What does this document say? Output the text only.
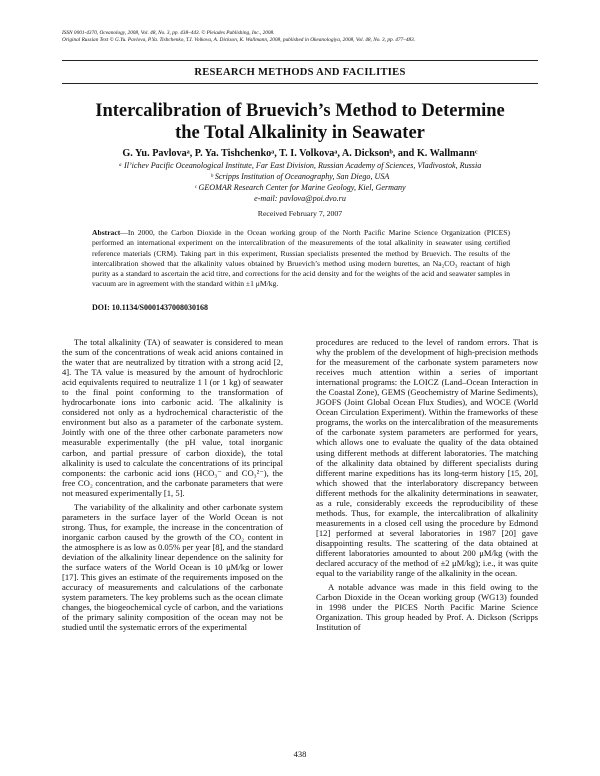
ISSN 0001-4370, Oceanology, 2008, Vol. 48, No. 3, pp. 438–443. © Pleiades Publishing, Inc., 2008.
Original Russian Text © G.Yu. Pavlova, P.Ya. Tishchenko, T.I. Volkova, A. Dickson, K. Wallmann, 2008, published in Okeanologiya, 2008, Vol. 48, No. 3, pp. 477–483.
RESEARCH METHODS AND FACILITIES
Intercalibration of Bruevich’s Method to Determine
the Total Alkalinity in Seawater
G. Yu. Pavlovaᵃ, P. Ya. Tishchenkoᵃ, T. I. Volkovaᵃ, A. Dicksonᵇ, and K. Wallmannᶜ
ᵃ Il’ichev Pacific Oceanological Institute, Far East Division, Russian Academy of Sciences, Vladivostok, Russia
ᵇ Scripps Institution of Oceanography, San Diego, USA
ᶜ GEOMAR Research Center for Marine Geology, Kiel, Germany
e-mail: pavlova@poi.dvo.ru
Received February 7, 2007
Abstract—In 2000, the Carbon Dioxide in the Ocean working group of the North Pacific Marine Science Organization (PICES) performed an international experiment on the intercalibration of the measurements of the total alkalinity in seawater using certified reference materials (CRM). Taking part in this experiment, Russian specialists presented the method by Bruevich. The results of the intercalibration showed that the alkalinity values obtained by Bruevich’s method using modern burettes, an Na₂CO₃ reactant of high purity as a standard to ascertain the acid titre, and corrections for the acid density and for the weights of the acid and seawater samples in vacuum are in agreement with the standard within ±1 μM/kg.
DOI: 10.1134/S0001437008030168

The total alkalinity (TA) of seawater is considered to mean the sum of the concentrations of weak acid anions contained in the water that are neutralized by titration with a strong acid [2, 4]. The TA value is measured by the amount of hydrochloric acid equivalents required to neutralize 1 l (or 1 kg) of seawater to the final point conforming to the transformation of hydrocarbonate ions into carbonic acid. The alkalinity is considered not only as a hydrochemical characteristic of the environment but also as a parameter of the carbonate system. Jointly with one of the three other carbonate parameters now measurable experimentally (the pH value, total inorganic carbon, and partial pressure of carbon dioxide), the total alkalinity is used to calculate the concentrations of its principal components: the carbonic acid ions (HCO₃⁻ and CO₃²⁻), the free CO₂ concentration, and the carbonate parameters that were not measured experimentally [1, 5].

The variability of the alkalinity and other carbonate system parameters in the surface layer of the World Ocean is not strong. Thus, for example, the increase in the concentration of inorganic carbon caused by the growth of the CO₂ content in the atmosphere is as low as 0.05% per year [8], and the standard deviation of the alkalinity linear dependence on the salinity for the surface waters of the World Ocean is 10 μM/kg or lower [17]. This gives an estimate of the requirements imposed on the accuracy of measurements and calculations of the carbonate system parameters. The key problems such as the ocean climate changes, the biogeochemical cycle of carbon, and the variations of the primary salinity composition of the ocean may not be studied until the systematic errors of the experimental

procedures are reduced to the level of random errors. That is why the problem of the development of high-precision methods for the measurement of the carbonate system parameters now receives much attention within a series of important international programs: the LOICZ (Land–Ocean Interaction in the Coastal Zone), GEMS (Geochemistry of Marine Sediments), JGOFS (Joint Global Ocean Flux Studies), and WOCE (World Ocean Circulation Experiment). Within the frameworks of these programs, the works on the intercalibration of the measurements of the carbonate system parameters are performed for years, which allows one to evaluate the quality of the data obtained using different methods at different laboratories. The matching of the alkalinity data obtained by different specialists during different marine expeditions has its long-term history [15, 20], which showed that the interlaboratory discrepancy between different methods for the alkalinity determinations in seawater, as a rule, considerably exceeds the reproducibility of these methods. Thus, for example, the intercalibration of alkalinity measurements in a closed cell using the procedure by Edmond [12] performed at several laboratories in 1987 [20] gave disappointing results. The scattering of the data obtained at different laboratories amounted to about 200 μM/kg (with the declared accuracy of the method of ±2 μM/kg); i.e., it was quite equal to the variability range of the alkalinity in the ocean.

A notable advance was made in this field owing to the Carbon Dioxide in the Ocean working group (WG13) founded in 1998 under the PICES North Pacific Marine Science Organization. This group headed by Prof. A. Dickson (Scripps Institution of

438
